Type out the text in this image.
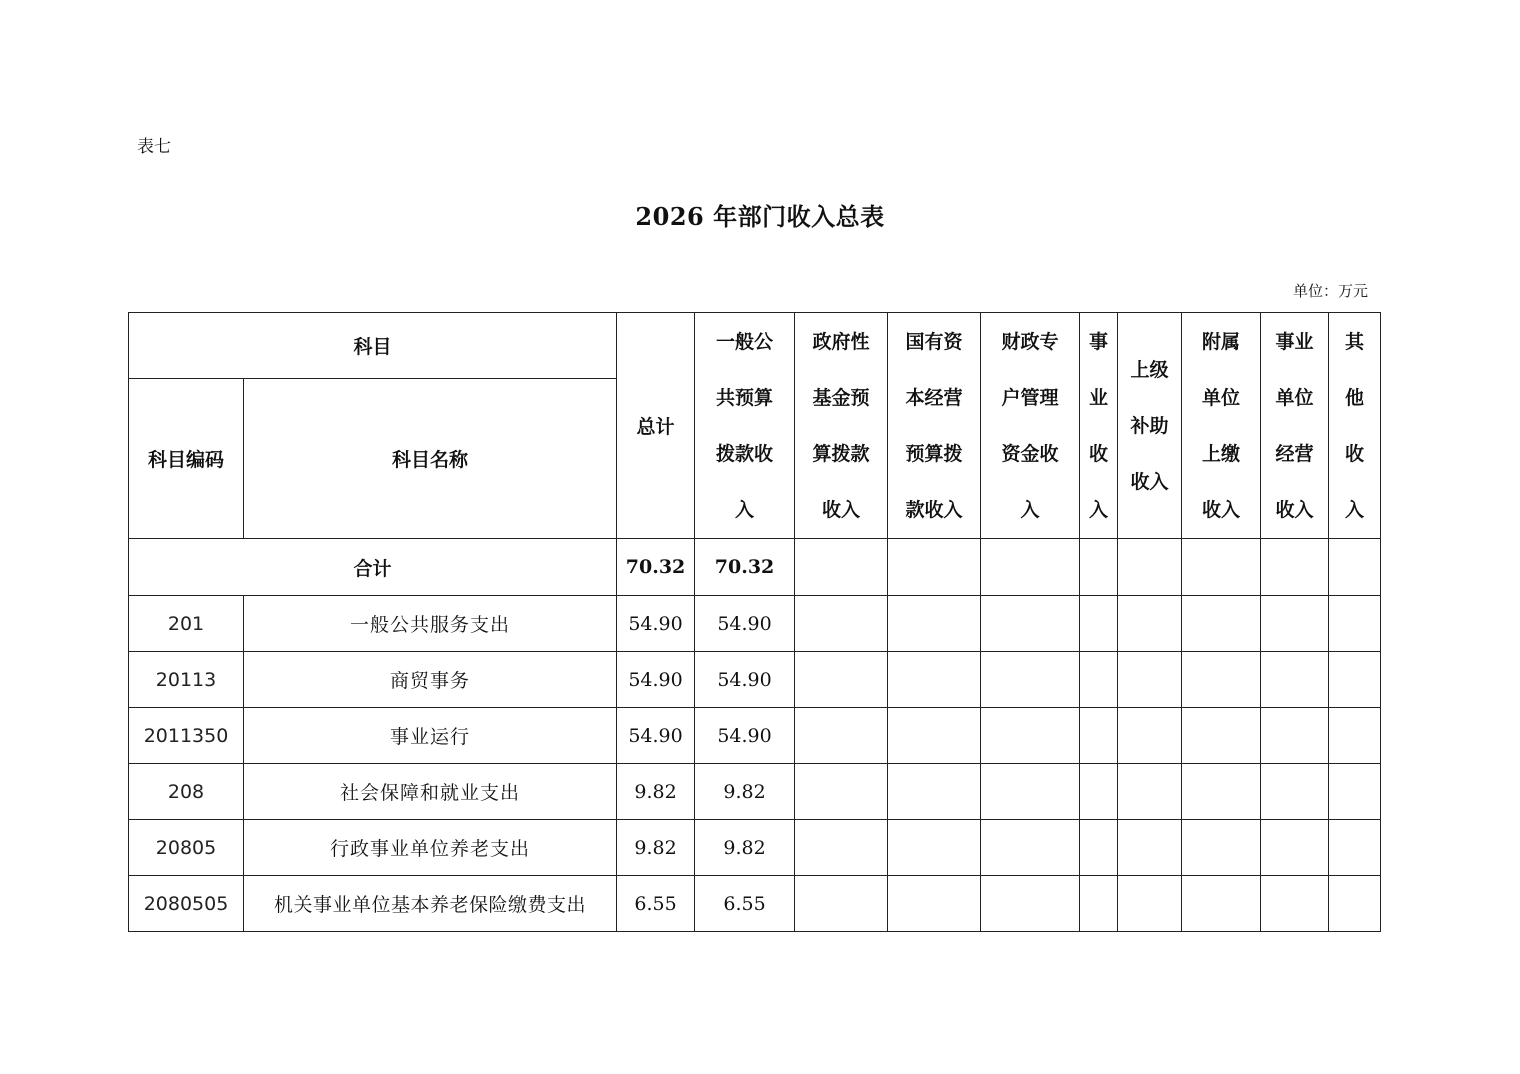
表七
2026 年部门收入总表
单位：万元
科目		总计	一般公
共预算
拨款收
入	政府性
基金预
算拨款
收入	国有资
本经营
预算拨
款收入	财政专
户管理
资金收
入	事
业
收
入	上级
补助
收入	附属
单位
上缴
收入	事业
单位
经营
收入	其
他
收
入

科目编码	科目名称										
合计		70.32	70.32								
201	一般公共服务支出	54.90	54.90								
20113	商贸事务	54.90	54.90								
2011350	事业运行	54.90	54.90								
208	社会保障和就业支出	9.82	9.82								
20805	行政事业单位养老支出	9.82	9.82								
2080505	机关事业单位基本养老保险缴费支出	6.55	6.55								
